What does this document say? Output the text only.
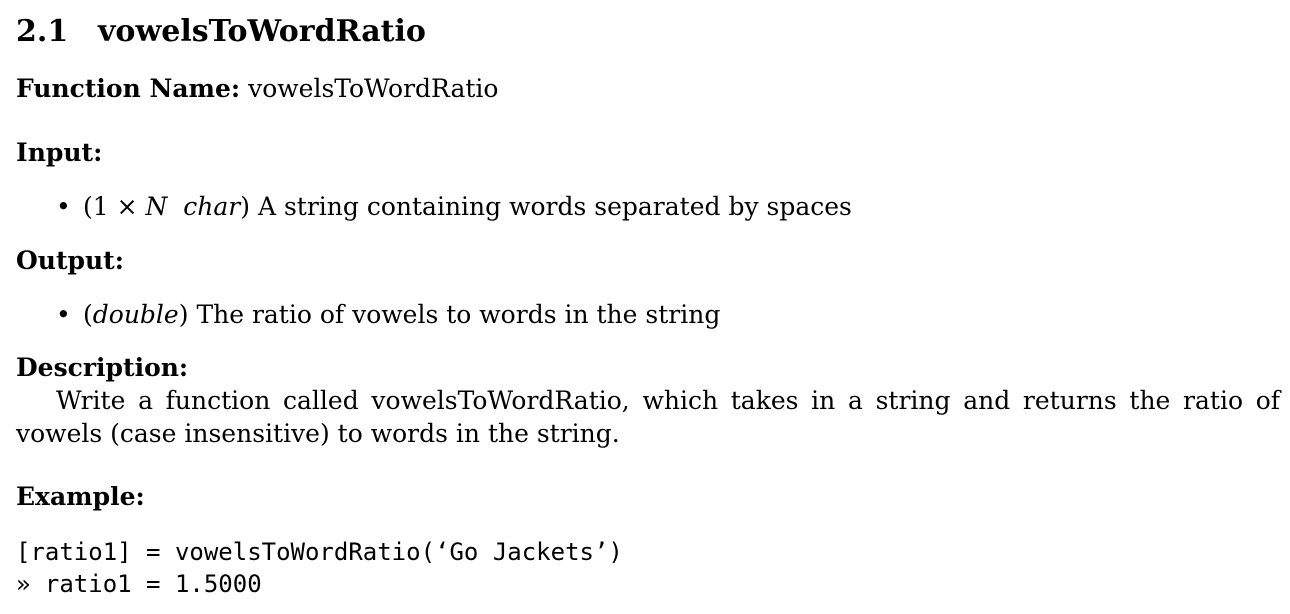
2.1 vowelsToWordRatio
Function Name: vowelsToWordRatio
Input:
• (1 × N char) A string containing words separated by spaces
Output:
• (double) The ratio of vowels to words in the string
Description:
Write a function called vowelsToWordRatio, which takes in a string and returns the ratio of vowels (case insensitive) to words in the string.
Example:
[ratio1] = vowelsToWordRatio(‘Go Jackets’)
» ratio1 = 1.5000
